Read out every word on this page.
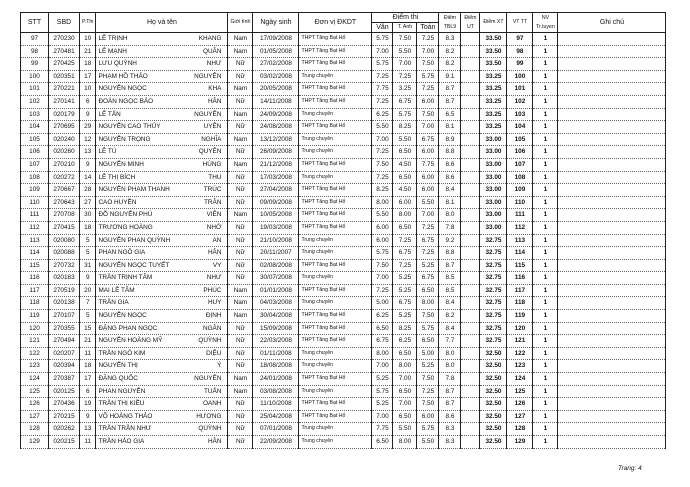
STT	SBD	P.Thi	Họ và tên	Giới tính	Ngày sinh	Đơn vị ĐKDT	Điểm thi			Điểm TBL9	Điểm UT	Điểm XT	VT TT	NV Tr.tuyen	Ghi chú
							Văn	T. Anh	Toán						
97	270230	10	LÊ TRỊNH KHANG	Nam	17/09/2008	THPT Tăng Bạt Hổ	5.75	7.50	7.25	8.3		33.50	97	1	
98	270481	21	LÊ MẠNH QUÂN	Nam	01/05/2008	THPT Tăng Bạt Hổ	7.00	5.50	7.00	8.2		33.50	98	1	
99	270425	18	LƯU QUỲNH NHƯ	Nữ	27/02/2008	THPT Tăng Bạt Hổ	5.75	7.00	7.50	8.2		33.50	99	1	
100	020351	17	PHẠM HỒ THẢO NGUYÊN	Nữ	03/02/2008	Trung chuyên	7.25	7.25	5.75	9.1		33.25	100	1	
101	270221	10	NGUYỄN NGỌC KHA	Nam	20/05/2008	THPT Tăng Bạt Hổ	7.75	3.25	7.25	8.7		33.25	101	1	
102	270141	6	ĐOÀN NGỌC BẢO HÂN	Nữ	14/11/2008	THPT Tăng Bạt Hổ	7.25	6.75	6.00	8.7		33.25	102	1	
103	020179	9	LÊ TẤN NGUYÊN	Nam	24/09/2008	Trung chuyên	6.25	5.75	7.50	6.5		33.25	103	1	
104	270695	29	NGUYỄN CAO THỦY UYÊN	Nữ	24/08/2008	THPT Tăng Bạt Hổ	5.50	8.25	7.00	8.1		33.25	104	1	
105	020240	12	NGUYỄN TRỌNG NGHĨA	Nam	13/12/2008	Trung chuyên	7.00	5.50	6.75	8.9		33.00	105	1	
106	020260	13	LÊ TÚ QUYÊN	Nữ	26/09/2008	Trung chuyên	7.25	6.50	6.00	8.8		33.00	106	1	
107	270210	9	NGUYỄN MINH HÙNG	Nam	21/12/2008	THPT Tăng Bạt Hổ	7.50	4.50	7.75	8.6		33.00	107	1	
108	020272	14	LÊ THỊ BÍCH THU	Nữ	17/03/2008	Trung chuyên	7.25	6.50	6.00	8.6		33.00	108	1	
109	270667	28	NGUYỄN PHẠM THANH TRÚC	Nữ	27/04/2008	THPT Tăng Bạt Hổ	8.25	4.50	6.00	8.4		33.00	109	1	
110	270643	27	CAO HUYỀN TRÂN	Nữ	09/09/2008	THPT Tăng Bạt Hổ	8.00	6.00	5.50	8.1		33.00	110	1	
111	270708	30	ĐỖ NGUYỄN PHÚ VIÊN	Nam	10/05/2008	THPT Tăng Bạt Hổ	5.50	8.00	7.00	8.0		33.00	111	1	
112	270415	18	TRƯƠNG HOÀNG NHỚ	Nữ	19/03/2008	THPT Tăng Bạt Hổ	6.00	6.50	7.25	7.8		33.00	112	1	
113	020080	5	NGUYỄN PHAN QUỲNH AN	Nữ	21/10/2008	Trung chuyên	6.00	7.25	6.75	9.2		32.75	113	1	
114	020088	5	PHAN NGÔ GIA HÂN	Nữ	20/11/2007	Trung chuyên	5.75	6.75	7.25	8.8		32.75	114	1	
115	270732	31	NGUYỄN NGỌC TUYẾT VY	Nữ	02/08/2008	THPT Tăng Bạt Hổ	7.50	7.25	5.25	8.7		32.75	115	1	
116	020183	9	TRẦN TRỊNH TÂM NHƯ	Nữ	30/07/2008	Trung chuyên	7.00	5.25	6.75	8.5		32.75	116	1	
117	270519	20	MAI LÊ TÂM PHÚC	Nam	01/01/2008	THPT Tăng Bạt Hổ	7.25	5.25	6.50	8.5		32.75	117	1	
118	020138	7	TRẦN GIA HUY	Nam	04/03/2008	Trung chuyên	5.00	6.75	8.00	8.4		32.75	118	1	
119	270107	5	NGUYỄN NGỌC ĐỊNH	Nam	30/04/2008	THPT Tăng Bạt Hổ	6.25	5.25	7.50	8.2		32.75	119	1	
120	270355	15	ĐẶNG PHAN NGỌC NGÂN	Nữ	15/09/2008	THPT Tăng Bạt Hổ	6.50	8.25	5.75	8.4		32.75	120	1	
121	270494	21	NGUYỄN HOÀNG MỸ QUỲNH	Nữ	22/03/2008	THPT Tăng Bạt Hổ	6.75	6.25	6.50	7.7		32.75	121	1	
122	020207	11	TRẦN NGÔ KIM DIỆU	Nữ	01/11/2008	Trung chuyên	8.00	6.50	5.00	8.0		32.50	122	1	
123	020394	18	NGUYỄN THỊ Ý	Nữ	18/08/2008	Trung chuyên	7.00	8.00	5.25	8.0		32.50	123	1	
124	270387	17	ĐẶNG QUỐC NGUYÊN	Nam	24/01/2008	THPT Tăng Bạt Hổ	5.25	7.00	7.50	7.8		32.50	124	1	
125	020125	6	PHAN NGUYỄN TUẤN	Nam	03/08/2008	Trung chuyên	5.75	6.50	7.25	8.7		32.50	125	1	
126	270436	19	TRẦN THỊ KIỀU OANH	Nữ	11/10/2008	THPT Tăng Bạt Hổ	5.25	7.00	7.50	8.7		32.50	126	1	
127	270215	9	VÕ HOÀNG THẢO HƯƠNG	Nữ	25/04/2008	THPT Tăng Bạt Hổ	7.00	6.50	6.00	8.6		32.50	127	1	
128	020262	13	TRẦN TRẦN NHƯ QUỲNH	Nữ	07/01/2008	Trung chuyên	7.75	5.50	5.75	8.3		32.50	128	1	
129	020215	11	TRẦN HẢO GIA HÂN	Nữ	22/09/2008	Trung chuyên	6.50	8.00	5.50	8.3		32.50	129	1	
Trang: 4
